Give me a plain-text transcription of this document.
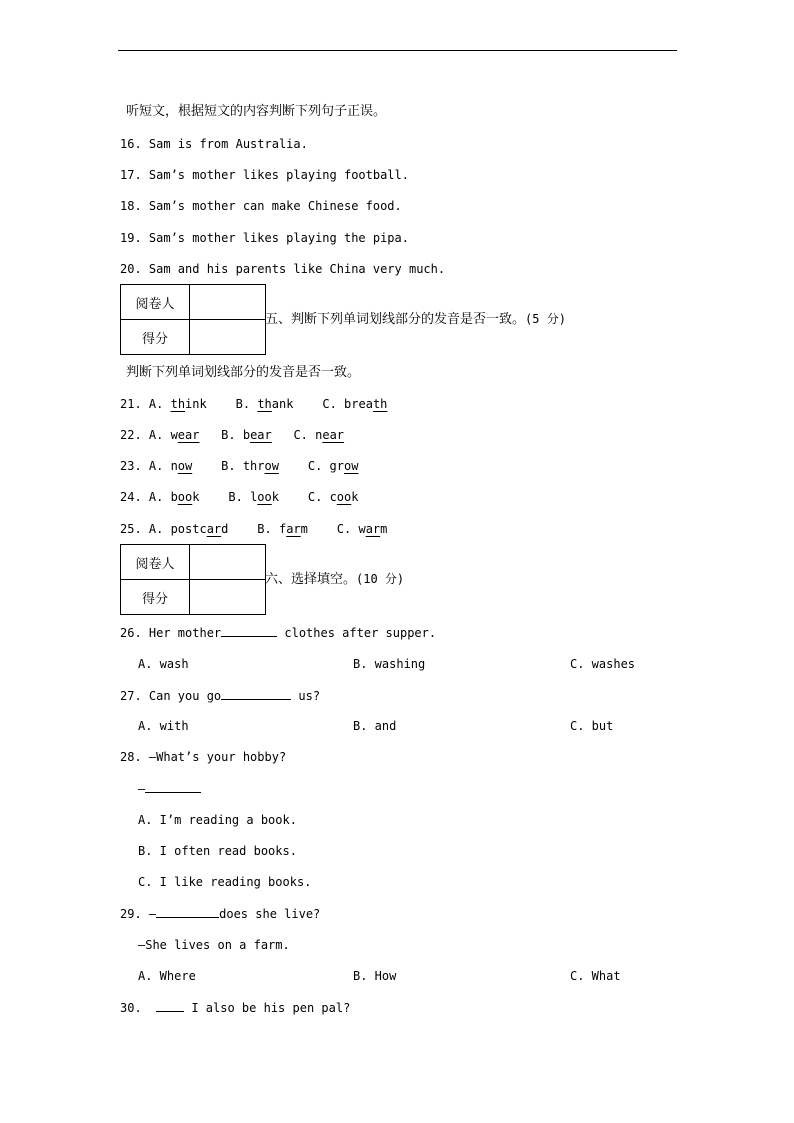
听短文，根据短文的内容判断下列句子正误。
16. Sam is from Australia.
17. Sam’s mother likes playing football.
18. Sam’s mother can make Chinese food.
19. Sam’s mother likes playing the pipa.
20. Sam and his parents like China very much.
阅卷人	
得分	
五、判断下列单词划线部分的发音是否一致。(5 分)
判断下列单词划线部分的发音是否一致。
21. A. think B. thank C. breath
22. A. wear B. bear C. near
23. A. now B. throw C. grow
24. A. book B. look C. cook
25. A. postcard B. farm C. warm
阅卷人	
得分	
六、选择填空。(10 分)
26. Her mother	clothes after supper.
A. wash	B. washing	C. washes
27. Can you go	us?
A. with	B. and	C. but
28. —What’s your hobby?
—
A. I’m reading a book.
B. I often read books.
C. I like reading books.
29. —	does she live?
—She lives on a farm.
A. Where	B. How	C. What
30.   I also be his pen pal?
